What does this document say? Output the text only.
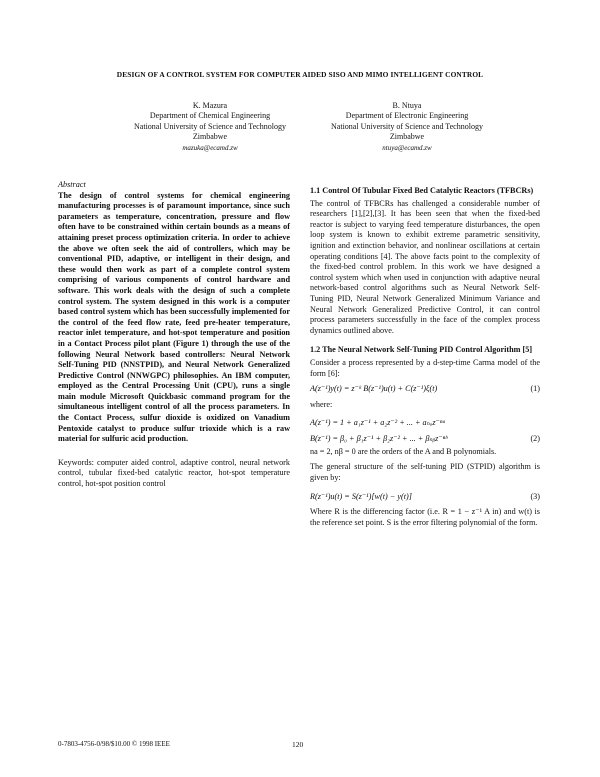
DESIGN OF A CONTROL SYSTEM FOR COMPUTER AIDED SISO AND MIMO INTELLIGENT CONTROL
K. Mazura
Department of Chemical Engineering
National University of Science and Technology
Zimbabwe
mazuka@ecamd.zw
B. Ntuya
Department of Electronic Engineering
National University of Science and Technology
Zimbabwe
ntuya@ecamd.zw

Abstract

The design of control systems for chemical engineering manufacturing processes is of paramount importance, since such parameters as temperature, concentration, pressure and flow often have to be constrained within certain bounds as a means of attaining preset process optimization criteria. In order to achieve the above we often seek the aid of controllers, which may be conventional PID, adaptive, or intelligent in their design, and these would then work as part of a complete control system comprising of various components of control hardware and software. This work deals with the design of such a complete control system. The system designed in this work is a computer based control system which has been successfully implemented for the control of the feed flow rate, feed pre-heater temperature, reactor inlet temperature, and hot-spot temperature and position in a Contact Process pilot plant (Figure 1) through the use of the following Neural Network based controllers: Neural Network Self-Tuning PID (NNSTPID), and Neural Network Generalized Predictive Control (NNWGPC) philosophies. An IBM computer, employed as the Central Processing Unit (CPU), runs a single main module Microsoft Quickbasic command program for the simultaneous intelligent control of all the process parameters. In the Contact Process, sulfur dioxide is oxidized on Vanadium Pentoxide catalyst to produce sulfur trioxide which is a raw material for sulfuric acid production.

Keywords: computer aided control, adaptive control, neural network control, tubular fixed-bed catalytic reactor, hot-spot temperature control, hot-spot position control

1.1 Control Of Tubular Fixed Bed Catalytic Reactors (TFBCRs)

The control of TFBCRs has challenged a considerable number of researchers [1],[2],[3]. It has been seen that when the fixed-bed reactor is subject to varying feed temperature disturbances, the open loop system is known to exhibit extreme parametric sensitivity, ignition and extinction behavior, and nonlinear oscillations at certain operating conditions [4]. The above facts point to the complexity of the fixed-bed control problem. In this work we have designed a control system which when used in conjunction with adaptive neural network-based control algorithms such as Neural Network Self-Tuning PID, Neural Network Generalized Minimum Variance and Neural Network Generalized Predictive Control, it can control process parameters successfully in the face of the complex process dynamics outlined above.

1.2 The Neural Network Self-Tuning PID Control Algorithm [5]

Consider a process represented by a d-step-time Carma model of the form [6]:

A(z⁻¹)y(t) = z⁻ᵏ B(z⁻¹)u(t) + C(z⁻¹)ξ(t)	(1)

where:

A(z⁻¹) = 1 + a₁z⁻¹ + a₂z⁻² + ... + aₙₐz⁻ⁿᵃ
B(z⁻¹) = β₀ + β₁z⁻¹ + β₂z⁻² + ... + βₙᵦz⁻ⁿᵇ	(2)

na = 2, nβ = 0 are the orders of the A and B polynomials.

The general structure of the self-tuning PID (STPID) algorithm is given by:

R(z⁻¹)u(t) = S(z⁻¹)[w(t) − y(t)]	(3)

Where R is the differencing factor (i.e. R = 1 − z⁻¹ A in) and w(t) is the reference set point. S is the error filtering polynomial of the form.

0-7803-4756-0/98/$10.00 © 1998 IEEE	120
